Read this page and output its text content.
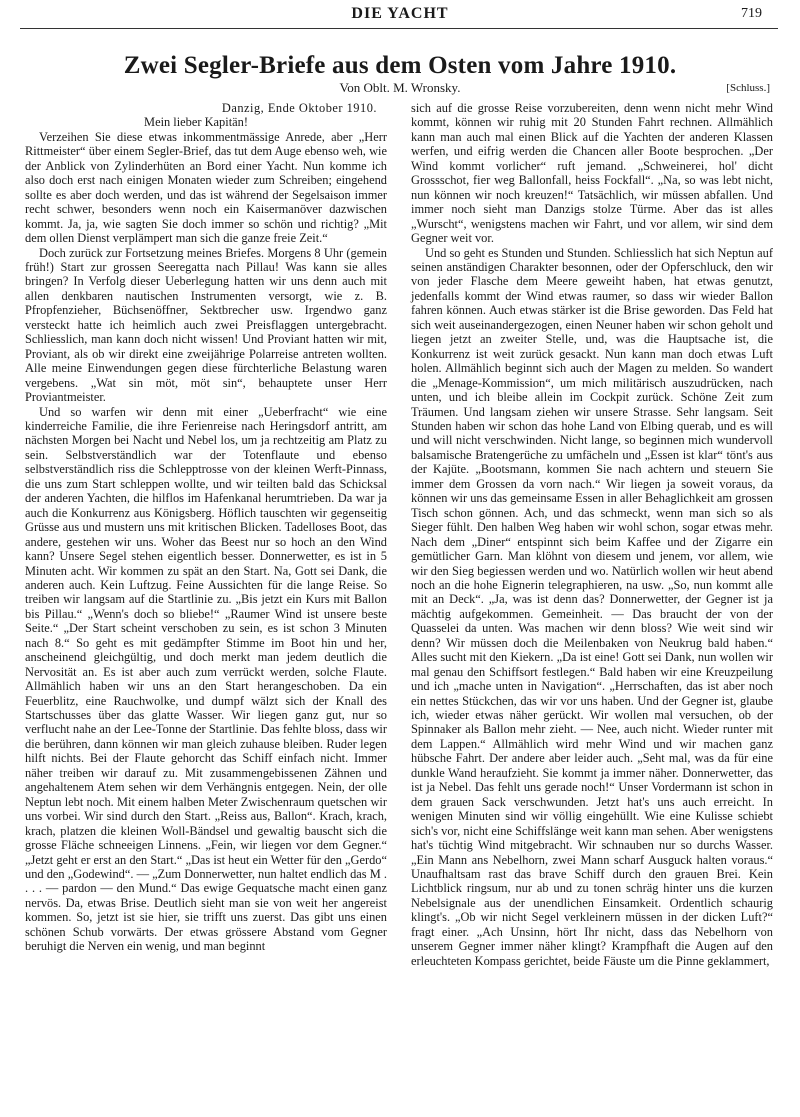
DIE YACHT	719
Zwei Segler-Briefe aus dem Osten vom Jahre 1910.
Von Oblt. M. Wronsky.	[Schluss.]
Danzig, Ende Oktober 1910.
Mein lieber Kapitän!

Verzeihen Sie diese etwas inkommentmässige Anrede, aber „Herr Rittmeister“ über einem Segler-Brief, das tut dem Auge ebenso weh, wie der Anblick von Zylinderhüten an Bord einer Yacht. Nun komme ich also doch erst nach einigen Monaten wieder zum Schreiben; eingehend sollte es aber doch werden, und das ist während der Segelsaison immer recht schwer, besonders wenn noch ein Kaisermanöver dazwischen kommt. Ja, ja, wie sagten Sie doch immer so schön und richtig? „Mit dem ollen Dienst verplämpert man sich die ganze freie Zeit.“

Doch zurück zur Fortsetzung meines Briefes. Morgens 8 Uhr (gemein früh!) Start zur grossen Seeregatta nach Pillau! Was kann sie alles bringen? In Verfolg dieser Ueberlegung hatten wir uns denn auch mit allen denkbaren nautischen Instrumenten versorgt, wie z. B. Pfropfenzieher, Büchsenöffner, Sektbrecher usw. Irgendwo ganz versteckt hatte ich heimlich auch zwei Preisflaggen untergebracht. Schliesslich, man kann doch nicht wissen! Und Proviant hatten wir mit, Proviant, als ob wir direkt eine zweijährige Polarreise antreten wollten. Alle meine Einwendungen gegen diese fürchterliche Belastung waren vergebens. „Wat sin möt, möt sin“, behauptete unser Herr Proviantmeister.

Und so warfen wir denn mit einer „Ueberfracht“ wie eine kinderreiche Familie, die ihre Ferienreise nach Heringsdorf antritt, am nächsten Morgen bei Nacht und Nebel los, um ja rechtzeitig am Platz zu sein. Selbstverständlich war der Totenflaute und ebenso selbstverständlich riss die Schlepptrosse von der kleinen Werft-Pinnass, die uns zum Start schleppen wollte, und wir teilten bald das Schicksal der anderen Yachten, die hilflos im Hafenkanal herumtrieben. Da war ja auch die Konkurrenz aus Königsberg. Höflich tauschten wir gegenseitig Grüsse aus und mustern uns mit kritischen Blicken. Tadelloses Boot, das andere, gestehen wir uns. Woher das Beest nur so hoch an den Wind kann? Unsere Segel stehen eigentlich besser. Donnerwetter, es ist in 5 Minuten acht. Wir kommen zu spät an den Start. Na, Gott sei Dank, die anderen auch. Kein Luftzug. Feine Aussichten für die lange Reise. So treiben wir langsam auf die Startlinie zu. „Bis jetzt ein Kurs mit Ballon bis Pillau.“ „Wenn's doch so bliebe!“ „Raumer Wind ist unsere beste Seite.“ „Der Start scheint verschoben zu sein, es ist schon 3 Minuten nach 8.“ So geht es mit gedämpfter Stimme im Boot hin und her, anscheinend gleichgültig, und doch merkt man jedem deutlich die Nervosität an. Es ist aber auch zum verrückt werden, solche Flaute. Allmählich haben wir uns an den Start herangeschoben. Da ein Feuerblitz, eine Rauchwolke, und dumpf wälzt sich der Knall des Startschusses über das glatte Wasser. Wir liegen ganz gut, nur so verflucht nahe an der Lee-Tonne der Startlinie. Das fehlte bloss, dass wir die berühren, dann können wir man gleich zuhause bleiben. Ruder legen hilft nichts. Bei der Flaute gehorcht das Schiff einfach nicht. Immer näher treiben wir darauf zu. Mit zusammengebissenen Zähnen und angehaltenem Atem sehen wir dem Verhängnis entgegen. Nein, der olle Neptun lebt noch. Mit einem halben Meter Zwischenraum quetschen wir uns vorbei. Wir sind durch den Start. „Reiss aus, Ballon“. Krach, krach, krach, platzen die kleinen Woll-Bändsel und gewaltig bauscht sich die grosse Fläche schneeigen Linnens. „Fein, wir liegen vor dem Gegner.“ „Jetzt geht er erst an den Start.“ „Das ist heut ein Wetter für den „Gerdo“ und den „Godewind“. — „Zum Donnerwetter, nun haltet endlich das M . . . . — pardon — den Mund.“ Das ewige Gequatsche macht einen ganz nervös. Da, etwas Brise. Deutlich sieht man sie von weit her angereist kommen. So, jetzt ist sie hier, sie trifft uns zuerst. Das gibt uns einen schönen Schub vorwärts. Der etwas grössere Abstand vom Gegner beruhigt die Nerven ein wenig, und man beginnt

sich auf die grosse Reise vorzubereiten, denn wenn nicht mehr Wind kommt, können wir ruhig mit 20 Stunden Fahrt rechnen. Allmählich kann man auch mal einen Blick auf die Yachten der anderen Klassen werfen, und eifrig werden die Chancen aller Boote besprochen. „Der Wind kommt vorlicher“ ruft jemand. „Schweinerei, hol' dicht Grossschot, fier weg Ballonfall, heiss Fockfall“. „Na, so was lebt nicht, nun können wir noch kreuzen!“ Tatsächlich, wir müssen abfallen. Und immer noch sieht man Danzigs stolze Türme. Aber das ist alles „Wurscht“, wenigstens machen wir Fahrt, und vor allem, wir sind dem Gegner weit vor.

Und so geht es Stunden und Stunden. Schliesslich hat sich Neptun auf seinen anständigen Charakter besonnen, oder der Opferschluck, den wir von jeder Flasche dem Meere geweiht haben, hat etwas genutzt, jedenfalls kommt der Wind etwas raumer, so dass wir wieder Ballon fahren können. Auch etwas stärker ist die Brise geworden. Das Feld hat sich weit auseinandergezogen, einen Neuner haben wir schon geholt und liegen jetzt an zweiter Stelle, und, was die Hauptsache ist, die Konkurrenz ist weit zurück gesackt. Nun kann man doch etwas Luft holen. Allmählich beginnt sich auch der Magen zu melden. So wandert die „Menage-Kommission“, um mich militärisch auszudrücken, nach unten, und ich bleibe allein im Cockpit zurück. Schöne Zeit zum Träumen. Und langsam ziehen wir unsere Strasse. Sehr langsam. Seit Stunden haben wir schon das hohe Land von Elbing querab, und es will und will nicht verschwinden. Nicht lange, so beginnen mich wundervoll balsamische Bratengerüche zu umfächeln und „Essen ist klar“ tönt's aus der Kajüte. „Bootsmann, kommen Sie nach achtern und steuern Sie immer dem Grossen da vorn nach.“ Wir liegen ja soweit voraus, da können wir uns das gemeinsame Essen in aller Behaglichkeit am grossen Tisch schon gönnen. Ach, und das schmeckt, wenn man sich so als Sieger fühlt. Den halben Weg haben wir wohl schon, sogar etwas mehr. Nach dem „Diner“ entspinnt sich beim Kaffee und der Zigarre ein gemütlicher Garn. Man klöhnt von diesem und jenem, vor allem, wie wir den Sieg begiessen werden und wo. Natürlich wollen wir heut abend noch an die hohe Eignerin telegraphieren, na usw. „So, nun kommt alle mit an Deck“. „Ja, was ist denn das? Donnerwetter, der Gegner ist ja mächtig aufgekommen. Gemeinheit. — Das braucht der von der Quasselei da unten. Was machen wir denn bloss? Wie weit sind wir denn? Wir müssen doch die Meilenbaken von Neukrug bald haben.“ Alles sucht mit den Kiekern. „Da ist eine! Gott sei Dank, nun wollen wir mal genau den Schiffsort festlegen.“ Bald haben wir eine Kreuzpeilung und ich „mache unten in Navigation“. „Herrschaften, das ist aber noch ein nettes Stückchen, das wir vor uns haben. Und der Gegner ist, glaube ich, wieder etwas näher gerückt. Wir wollen mal versuchen, ob der Spinnaker als Ballon mehr zieht. — Nee, auch nicht. Wieder runter mit dem Lappen.“ Allmählich wird mehr Wind und wir machen ganz hübsche Fahrt. Der andere aber leider auch. „Seht mal, was da für eine dunkle Wand heraufzieht. Sie kommt ja immer näher. Donnerwetter, das ist ja Nebel. Das fehlt uns gerade noch!“ Unser Vordermann ist schon in dem grauen Sack verschwunden. Jetzt hat's uns auch erreicht. In wenigen Minuten sind wir völlig eingehüllt. Wie eine Kulisse schiebt sich's vor, nicht eine Schiffslänge weit kann man sehen. Aber wenigstens hat's tüchtig Wind mitgebracht. Wir schnauben nur so durchs Wasser. „Ein Mann ans Nebelhorn, zwei Mann scharf Ausguck halten voraus.“ Unaufhaltsam rast das brave Schiff durch den grauen Brei. Kein Lichtblick ringsum, nur ab und zu tonen schräg hinter uns die kurzen Nebelsignale aus der unendlichen Einsamkeit. Ordentlich schaurig klingt's. „Ob wir nicht Segel verkleinern müssen in der dicken Luft?“ fragt einer. „Ach Unsinn, hört Ihr nicht, dass das Nebelhorn von unserem Gegner immer näher klingt? Krampfhaft die Augen auf den erleuchteten Kompass gerichtet, beide Fäuste um die Pinne geklammert,
